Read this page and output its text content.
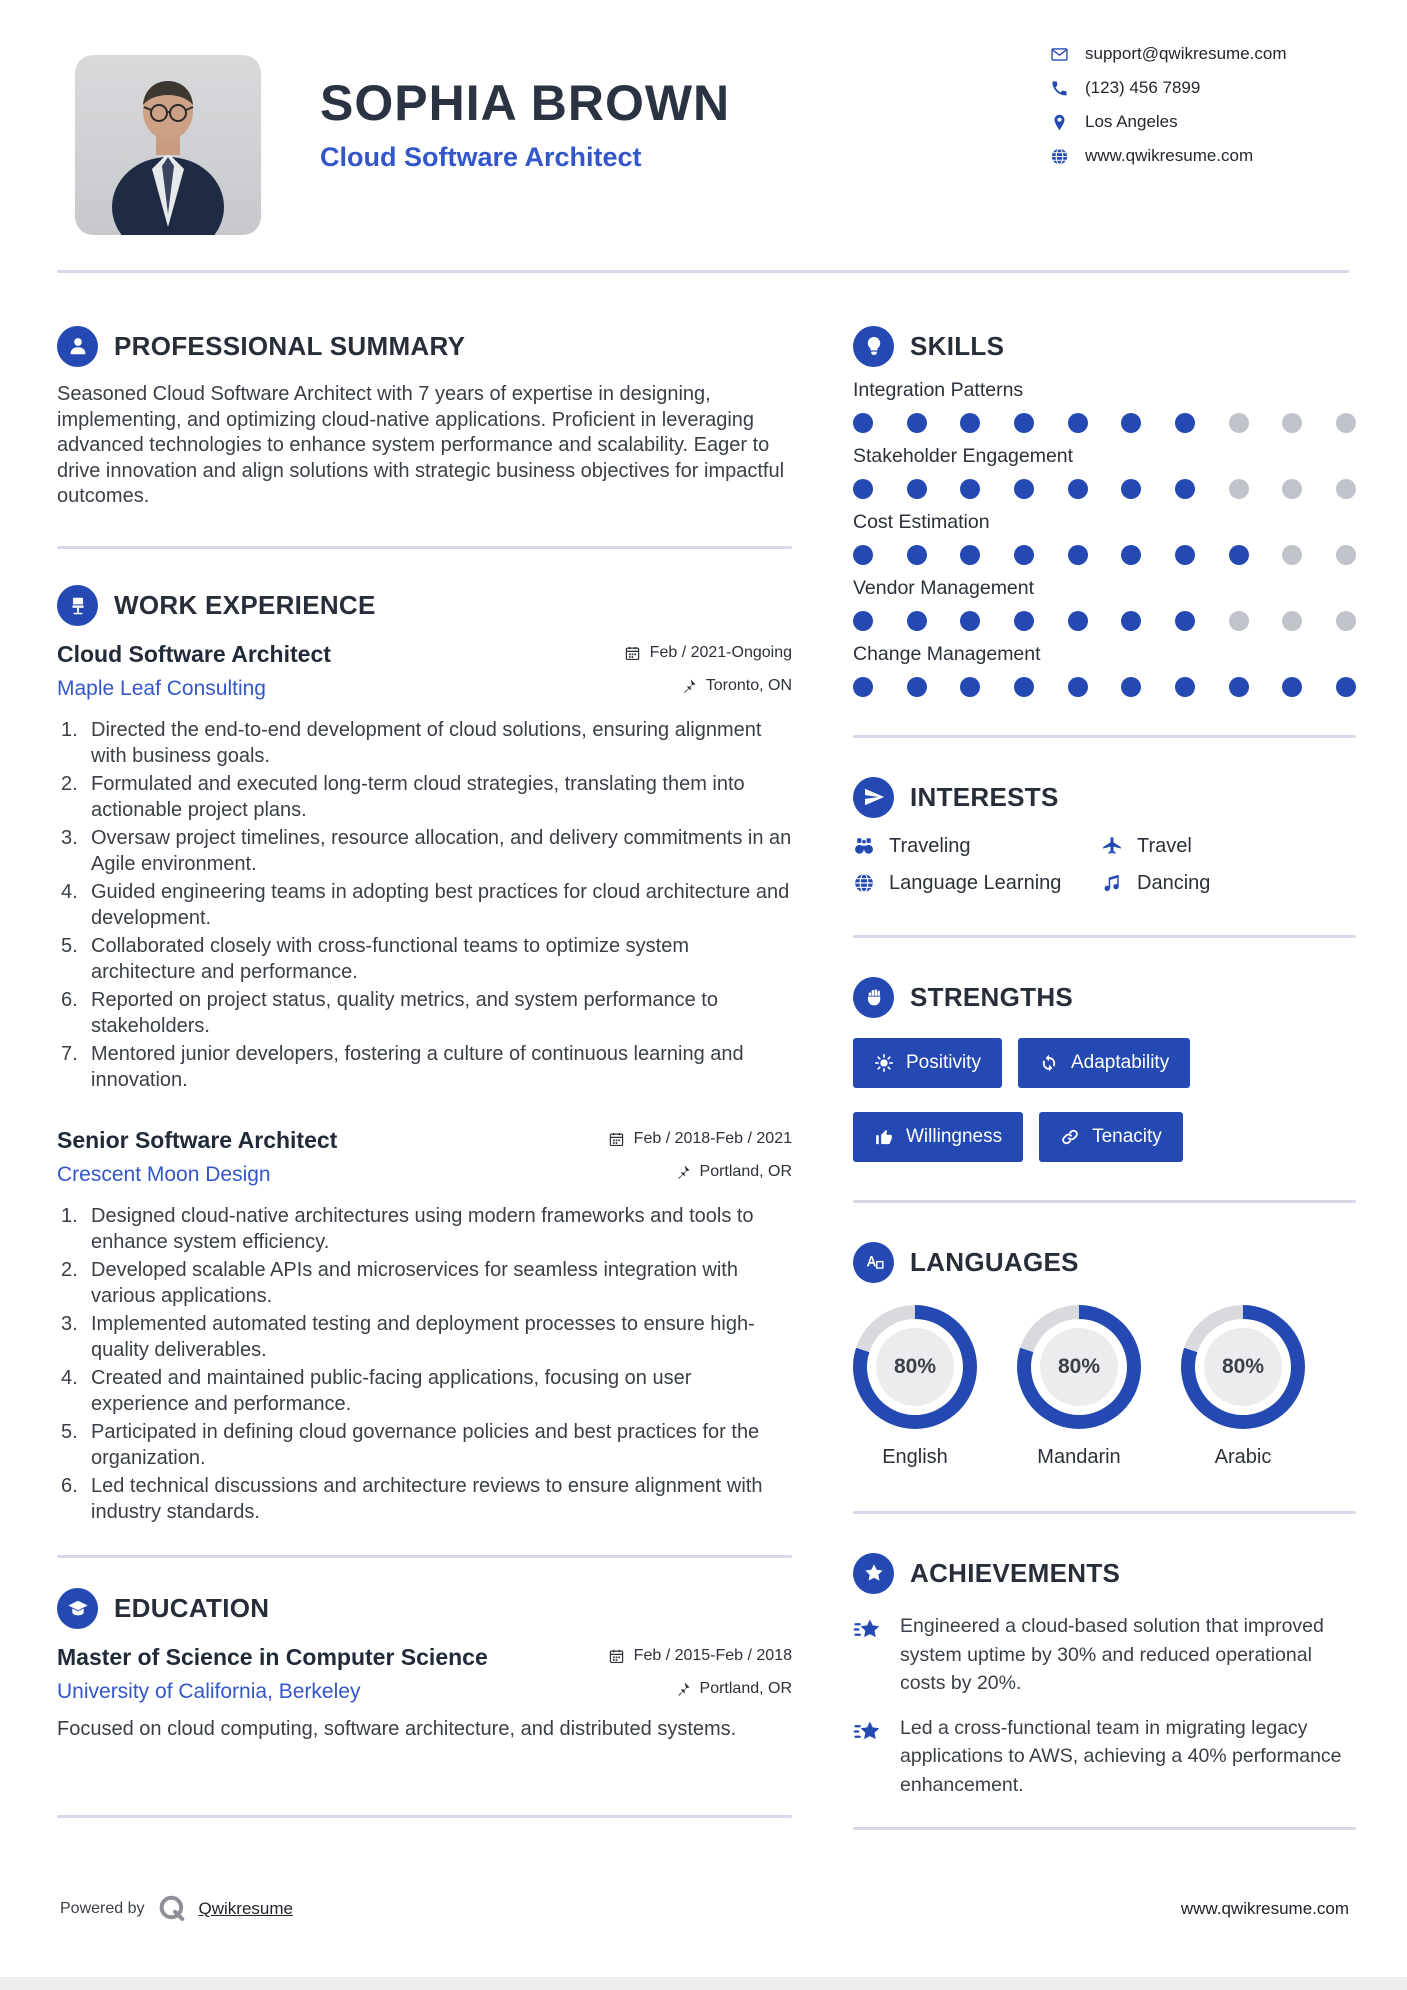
SOPHIA BROWN
Cloud Software Architect
support@qwikresume.com
(123) 456 7899
Los Angeles
www.qwikresume.com
PROFESSIONAL SUMMARY

Seasoned Cloud Software Architect with 7 years of expertise in designing, implementing, and optimizing cloud-native applications. Proficient in leveraging advanced technologies to enhance system performance and scalability. Eager to drive innovation and align solutions with strategic business objectives for impactful outcomes.

WORK EXPERIENCE
Cloud Software Architect	Feb / 2021-Ongoing
Maple Leaf Consulting	Toronto, ON
Directed the end-to-end development of cloud solutions, ensuring alignment with business goals.
Formulated and executed long-term cloud strategies, translating them into actionable project plans.
Oversaw project timelines, resource allocation, and delivery commitments in an Agile environment.
Guided engineering teams in adopting best practices for cloud architecture and development.
Collaborated closely with cross-functional teams to optimize system architecture and performance.
Reported on project status, quality metrics, and system performance to stakeholders.
Mentored junior developers, fostering a culture of continuous learning and innovation.
Senior Software Architect	Feb / 2018-Feb / 2021
Crescent Moon Design	Portland, OR
Designed cloud-native architectures using modern frameworks and tools to enhance system efficiency.
Developed scalable APIs and microservices for seamless integration with various applications.
Implemented automated testing and deployment processes to ensure high-quality deliverables.
Created and maintained public-facing applications, focusing on user experience and performance.
Participated in defining cloud governance policies and best practices for the organization.
Led technical discussions and architecture reviews to ensure alignment with industry standards.
EDUCATION
Master of Science in Computer Science	Feb / 2015-Feb / 2018
University of California, Berkeley	Portland, OR

Focused on cloud computing, software architecture, and distributed systems.

SKILLS
Integration Patterns
Stakeholder Engagement
Cost Estimation
Vendor Management
Change Management
INTERESTS
Traveling	Travel
Language Learning	Dancing
STRENGTHS
Positivity	Adaptability
Willingness	Tenacity
LANGUAGES
80%
English
80%
Mandarin
80%
Arabic
ACHIEVEMENTS

Engineered a cloud-based solution that improved system uptime by 30% and reduced operational costs by 20%.

Led a cross-functional team in migrating legacy applications to AWS, achieving a 40% performance enhancement.

Powered by	Qwikresume	www.qwikresume.com
